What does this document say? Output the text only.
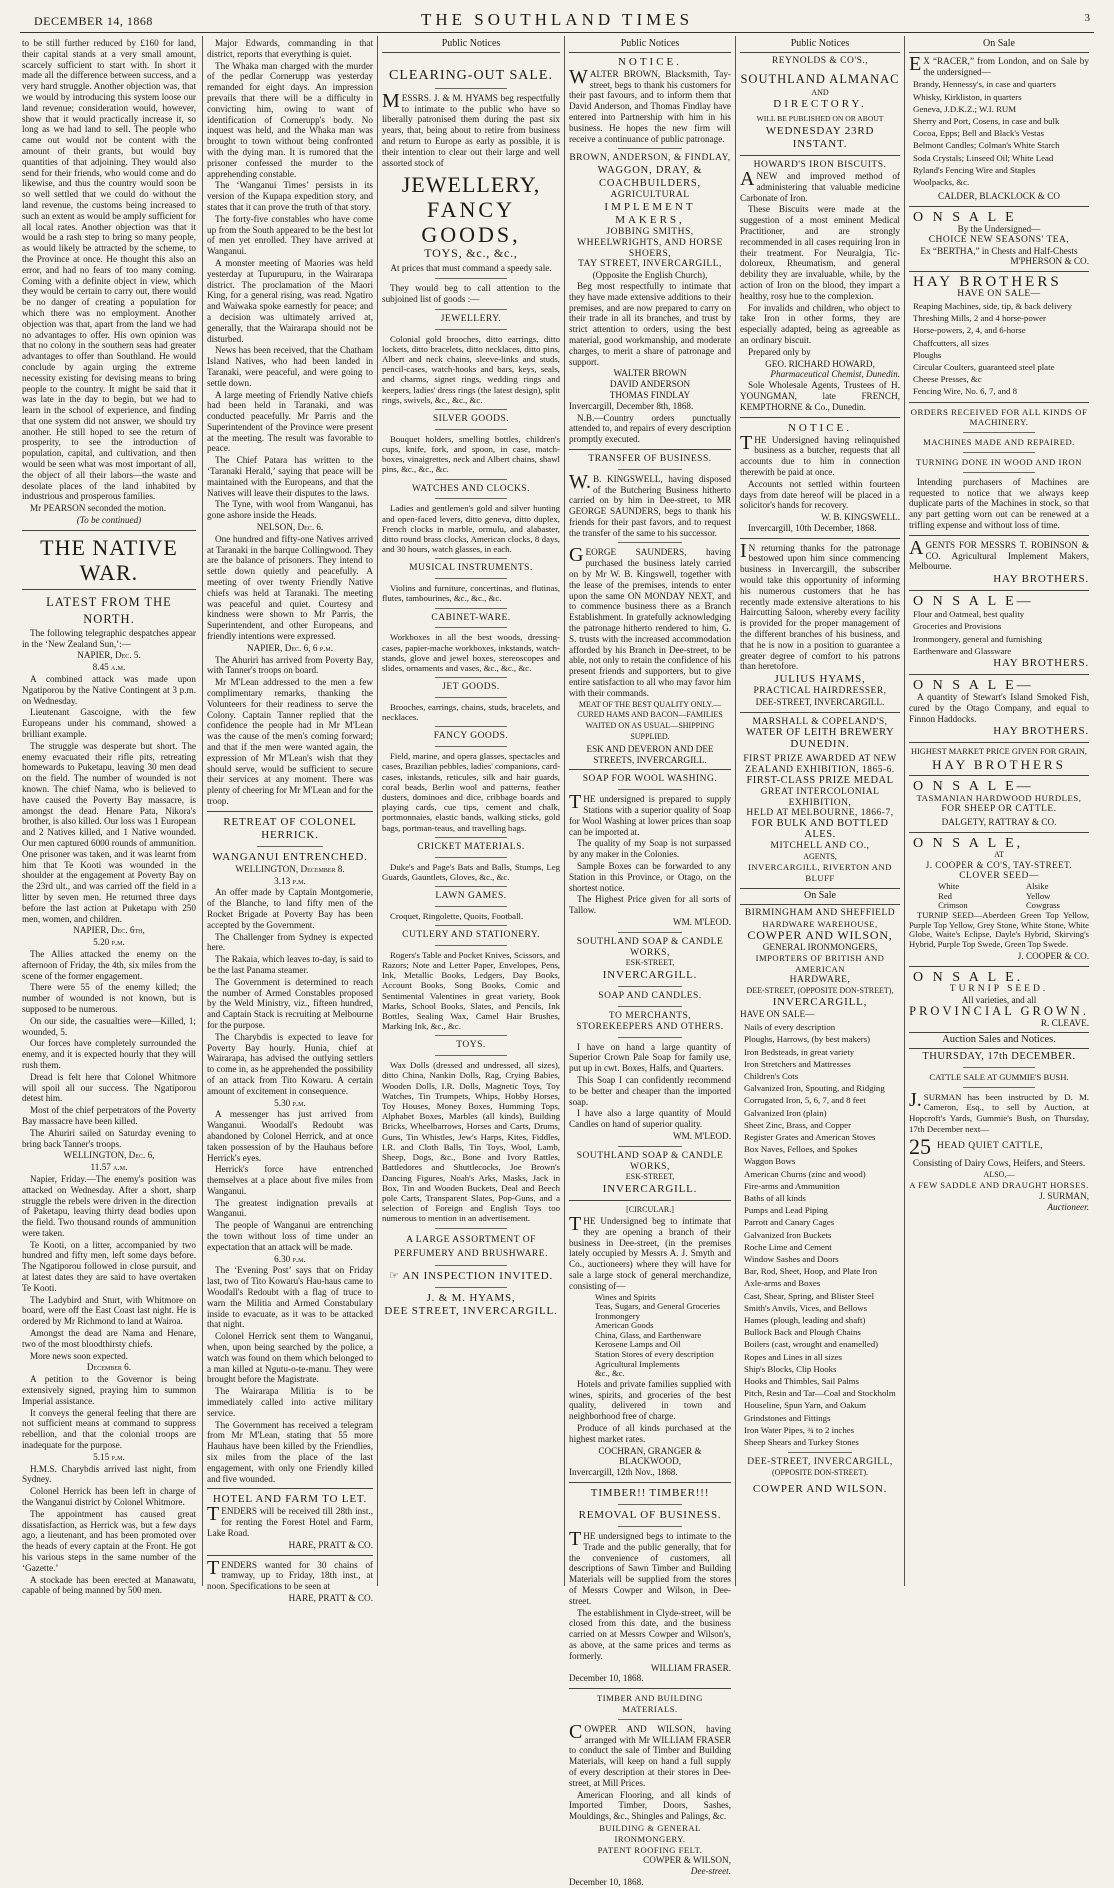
DECEMBER 14, 1868	THE SOUTHLAND TIMES	3

to be still further reduced by £160 for land, their capital stands at a very small amount, scarcely sufficient to start with. In short it made all the difference between success, and a very hard struggle. Another objection was, that we would by introducing this system loose our land revenue; consideration would, however, show that it would practically increase it, so long as we had land to sell. The people who came out would not be content with the amount of their grants, but would buy quantities of that adjoining. They would also send for their friends, who would come and do likewise, and thus the country would soon be so well settled that we could do without the land revenue, the customs being increased to such an extent as would be amply sufficient for all local rates. Another objection was that it would be a rash step to bring so many people, as would likely be attracted by the scheme, to the Province at once. He thought this also an error, and had no fears of too many coming. Coming with a definite object in view, which they would be certain to carry out, there would be no danger of creating a population for which there was no employment. Another objection was that, apart from the land we had no advantages to offer. His own opinion was that no colony in the southern seas had greater advantages to offer than Southland. He would conclude by again urging the extreme necessity existing for devising means to bring people to the country. It might be said that it was late in the day to begin, but we had to learn in the school of experience, and finding that one system did not answer, we should try another. He still hoped to see the return of prosperity, to see the introduction of population, capital, and cultivation, and then would be seen what was most important of all, the object of all their labors—the waste and desolate places of the land inhabited by industrious and prosperous families.

Mr PEARSON seconded the motion.

(To be continued)
THE NATIVE WAR.
LATEST FROM THE NORTH.

The following telegraphic despatches appear in the ‘New Zealand Sun,’:—

NAPIER, Dec. 5.

8.45 a.m.

A combined attack was made upon Ngatiporou by the Native Contingent at 3 p.m. on Wednesday.

Lieutenant Gascoigne, with the few Europeans under his command, showed a brilliant example.

The struggle was desperate but short. The enemy evacuated their rifle pits, retreating homewards to Puketapu, leaving 30 men dead on the field. The number of wounded is not known. The chief Nama, who is believed to have caused the Poverty Bay massacre, is amongst the dead. Henare Pata, Nikora's brother, is also killed. Our loss was 1 European and 2 Natives killed, and 1 Native wounded. Our men captured 6000 rounds of ammunition. One prisoner was taken, and it was learnt from him that Te Kooti was wounded in the shoulder at the engagement at Poverty Bay on the 23rd ult., and was carried off the field in a litter by seven men. He returned three days before the last action at Puketapu with 250 men, women, and children.

NAPIER, Dec. 6th,

5.20 p.m.

The Allies attacked the enemy on the afternoon of Friday, the 4th, six miles from the scene of the former engagement.

There were 55 of the enemy killed; the number of wounded is not known, but is supposed to be numerous.

On our side, the casualties were—Killed, 1; wounded, 5.

Our forces have completely surrounded the enemy, and it is expected hourly that they will rush them.

Dread is felt here that Colonel Whitmore will spoil all our success. The Ngatiporou detest him.

Most of the chief perpetrators of the Poverty Bay massacre have been killed.

The Ahuriri sailed on Saturday evening to bring back Tanner's troops.

WELLINGTON, Dec. 6,

11.57 a.m.

Napier, Friday.—The enemy's position was attacked on Wednesday. After a short, sharp struggle the rebels were driven in the direction of Paketapu, leaving thirty dead bodies upon the field. Two thousand rounds of ammunition were taken.

Te Kooti, on a litter, accompanied by two hundred and fifty men, left some days before. The Ngatiporou followed in close pursuit, and at latest dates they are said to have overtaken Te Kooti.

The Ladybird and Sturt, with Whitmore on board, were off the East Coast last night. He is ordered by Mr Richmond to land at Wairoa.

Amongst the dead are Nama and Henare, two of the most bloodthirsty chiefs.

More news soon expected.

December 6.

A petition to the Governor is being extensively signed, praying him to summon Imperial assistance.

It conveys the general feeling that there are not sufficient means at command to suppress rebellion, and that the colonial troops are inadequate for the purpose.

5.15 p.m.

H.M.S. Charybdis arrived last night, from Sydney.

Colonel Herrick has been left in charge of the Wanganui district by Colonel Whitmore.

The appointment has caused great dissatisfaction, as Herrick was, but a few days ago, a lieutenant, and has been promoted over the heads of every captain at the Front. He got his various steps in the same number of the ‘Gazette.’

A stockade has been erected at Manawatu, capable of being manned by 500 men.

Major Edwards, commanding in that district, reports that everything is quiet.

The Whaka man charged with the murder of the pedlar Cornerupp was yesterday remanded for eight days. An impression prevails that there will be a difficulty in convicting him, owing to want of identification of Cornerupp's body. No inquest was held, and the Whaka man was brought to town without being confronted with the dying man. It is rumored that the prisoner confessed the murder to the apprehending constable.

The ‘Wanganui Times’ persists in its version of the Kupapa expedition story, and states that it can prove the truth of that story.

The forty-five constables who have come up from the South appeared to be the best lot of men yet enrolled. They have arrived at Wanganui.

A monster meeting of Maories was held yesterday at Tupurupuru, in the Wairarapa district. The proclamation of the Maori King, for a general rising, was read. Ngatiro and Waiwaka spoke earnestly for peace; and a decision was ultimately arrived at, generally, that the Wairarapa should not be disturbed.

News has been received, that the Chatham Island Natives, who had been landed in Taranaki, were peaceful, and were going to settle down.

A large meeting of Friendly Native chiefs had been held in Taranaki, and was conducted peacefully. Mr Parris and the Superintendent of the Province were present at the meeting. The result was favorable to peace.

The Chief Patara has written to the ‘Taranaki Herald,’ saying that peace will be maintained with the Europeans, and that the Natives will leave their disputes to the laws.

The Tyne, with wool from Wanganui, has gone ashore inside the Heads.

NELSON, Dec. 6.

One hundred and fifty-one Natives arrived at Taranaki in the barque Collingwood. They are the balance of prisoners. They intend to settle down quietly and peacefully. A meeting of over twenty Friendly Native chiefs was held at Taranaki. The meeting was peaceful and quiet. Courtesy and kindness were shown to Mr Parris, the Superintendent, and other Europeans, and friendly intentions were expressed.

NAPIER, Dec. 6, 6 p.m.

The Ahuriri has arrived from Poverty Bay, with Tanner's troops on board.

Mr M'Lean addressed to the men a few complimentary remarks, thanking the Volunteers for their readiness to serve the Colony. Captain Tanner replied that the confidence the people had in Mr M'Lean was the cause of the men's coming forward; and that if the men were wanted again, the expression of Mr M'Lean's wish that they should serve, would be sufficient to secure their services at any moment. There was plenty of cheering for Mr M'Lean and for the troop.

RETREAT OF COLONEL HERRICK.
WANGANUI ENTRENCHED.

WELLINGTON, December 8.

3.13 p.m.

An offer made by Captain Montgomerie, of the Blanche, to land fifty men of the Rocket Brigade at Poverty Bay has been accepted by the Government.

The Challenger from Sydney is expected here.

The Rakaia, which leaves to-day, is said to be the last Panama steamer.

The Government is determined to reach the number of Armed Constables proposed by the Weld Ministry, viz., fifteen hundred, and Captain Stack is recruiting at Melbourne for the purpose.

The Charybdis is expected to leave for Poverty Bay hourly. Hunia, chief at Wairarapa, has advised the outlying settlers to come in, as he apprehended the possibility of an attack from Tito Kowaru. A certain amount of excitement in consequence.

5.30 p.m.

A messenger has just arrived from Wanganui. Woodall's Redoubt was abandoned by Colonel Herrick, and at once taken possession of by the Hauhaus before Herrick's eyes.

Herrick's force have entrenched themselves at a place about five miles from Wanganui.

The greatest indignation prevails at Wanganui.

The people of Wanganui are entrenching the town without loss of time under an expectation that an attack will be made.

6.30 p.m.

The ‘Evening Post’ says that on Friday last, two of Tito Kowaru's Hau-haus came to Woodall's Redoubt with a flag of truce to warn the Militia and Armed Constabulary inside to evacuate, as it was to be attacked that night.

Colonel Herrick sent them to Wanganui, when, upon being searched by the police, a watch was found on them which belonged to a man killed at Ngutu-o-te-manu. They were brought before the Magistrate.

The Wairarapa Militia is to be immediately called into active military service.

The Government has received a telegram from Mr M'Lean, stating that 55 more Hauhaus have been killed by the Friendlies, six miles from the place of the last engagement, with only one Friendly killed and five wounded.

HOTEL AND FARM TO LET.

TENDERS will be received till 28th inst., for renting the Forest Hotel and Farm, Lake Road.

HARE, PRATT & CO.

TENDERS wanted for 30 chains of tramway, up to Friday, 18th inst., at noon. Specifications to be seen at

HARE, PRATT & CO.
Public Notices
CLEARING-OUT SALE.

MESSRS. J. & M. HYAMS beg respectfully to intimate to the public who have so liberally patronised them during the past six years, that, being about to retire from business and return to Europe as early as possible, it is their intention to clear out their large and well assorted stock of

JEWELLERY,
FANCY GOODS,
TOYS, &c., &c.,

At prices that must command a speedy sale.

They would beg to call attention to the subjoined list of goods :—

JEWELLERY.

Colonial gold brooches, ditto earrings, ditto lockets, ditto bracelets, ditto necklaces, ditto pins, Albert and neck chains, sleeve-links and studs, pencil-cases, watch-hooks and bars, keys, seals, and charms, signet rings, wedding rings and keepers, ladies' dress rings (the latest design), split rings, swivels, &c., &c., &c.

SILVER GOODS.

Bouquet holders, smelling bottles, children's cups, knife, fork, and spoon, in case, match-boxes, vinaigrettes, neck and Albert chains, shawl pins, &c., &c., &c.

WATCHES AND CLOCKS.

Ladies and gentlemen's gold and silver hunting and open-faced levers, ditto geneva, ditto duplex, French clocks in marble, ormulu, and alabaster, ditto round brass clocks, American clocks, 8 days, and 30 hours, watch glasses, in each.

MUSICAL INSTRUMENTS.

Violins and furniture, concertinas, and flutinas, flutes, tambourines, &c., &c., &c.

CABINET-WARE.

Workboxes in all the best woods, dressing-cases, papier-mache workboxes, inkstands, watch-stands, glove and jewel boxes, stereoscopes and slides, ornaments and vases, &c., &c., &c.

JET GOODS.

Brooches, earrings, chains, studs, bracelets, and necklaces.

FANCY GOODS.

Field, marine, and opera glasses, spectacles and cases, Brazilian pebbles, ladies' companions, card-cases, inkstands, reticules, silk and hair guards, coral beads, Berlin wool and patterns, feather dusters, dominoes and dice, cribbage boards and playing cards, cue tips, cement and chalk, portmonnaies, elastic bands, walking sticks, gold bags, portman-teaus, and travelling bags.

CRICKET MATERIALS.

Duke's and Page's Bats and Balls, Stumps, Leg Guards, Gauntlets, Gloves, &c., &c.

LAWN GAMES.

Croquet, Ringolette, Quoits, Football.

CUTLERY AND STATIONERY.

Rogers's Table and Pocket Knives, Scissors, and Razors; Note and Letter Paper, Envelopes, Pens, Ink, Metallic Books, Ledgers, Day Books, Account Books, Song Books, Comic and Sentimental Valentines in great variety, Book Marks, School Books, Slates, and Pencils, Ink Bottles, Sealing Wax, Camel Hair Brushes, Marking Ink, &c., &c.

TOYS.

Wax Dolls (dressed and undressed, all sizes), ditto China, Nankin Dolls, Rag, Crying Babies, Wooden Dolls, I.R. Dolls, Magnetic Toys, Toy Watches, Tin Trumpets, Whips, Hobby Horses, Toy Houses, Money Boxes, Humming Tops, Alphabet Boxes, Marbles (all kinds), Building Bricks, Wheelbarrows, Horses and Carts, Drums, Guns, Tin Whistles, Jew's Harps, Kites, Fiddles, I.R. and Cloth Balls, Tin Toys, Wool, Lamb, Sheep, Dogs, &c., Bone and Ivory Rattles, Battledores and Shuttlecocks, Joe Brown's Dancing Figures, Noah's Arks, Masks, Jack in Box, Tin and Wooden Buckets, Deal and Beech pole Carts, Transparent Slates, Pop-Guns, and a selection of Foreign and English Toys too numerous to mention in an advertisement.

A LARGE ASSORTMENT OF PERFUMERY AND BRUSHWARE.
☞ AN INSPECTION INVITED.
J. & M. HYAMS,
DEE STREET, INVERCARGILL.
Public Notices
NOTICE.

WALTER BROWN, Blacksmith, Tay-street, begs to thank his customers for their past favours, and to inform them that David Anderson, and Thomas Findlay have entered into Partnership with him in his business. He hopes the new firm will receive a continuance of public patronage.

BROWN, ANDERSON, & FINDLAY,
WAGGON, DRAY, & COACHBUILDERS,
AGRICULTURAL
IMPLEMENT MAKERS,
JOBBING SMITHS,
WHEELWRIGHTS, AND HORSE SHOERS,
TAY STREET, INVERCARGILL,
(Opposite the English Church),

Beg most respectfully to intimate that they have made extensive additions to their premises, and are now prepared to carry on their trade in all its branches, and trust by strict attention to orders, using the best material, good workmanship, and moderate charges, to merit a share of patronage and support.

WALTER BROWN
DAVID ANDERSON
THOMAS FINDLAY

Invercargill, December 8th, 1868.

N.B.—Country orders punctually attended to, and repairs of every description promptly executed.

TRANSFER OF BUSINESS.

W.B. KINGSWELL, having disposed of the Butchering Business hitherto carried on by him in Dee-street, to MR GEORGE SAUNDERS, begs to thank his friends for their past favors, and to request the transfer of the same to his successor.

GEORGE SAUNDERS, having purchased the business lately carried on by Mr W. B. Kingswell, together with the lease of the premises, intends to enter upon the same ON MONDAY NEXT, and to commence business there as a Branch Establishment. In gratefully acknowledging the patronage hitherto rendered to him, G. S. trusts with the increased accommodation afforded by his Branch in Dee-street, to be able, not only to retain the confidence of his present friends and supporters, but to give entire satisfaction to all who may favor him with their commands.

MEAT OF THE BEST QUALITY ONLY.—CURED HAMS AND BACON—FAMILIES WAITED ON AS USUAL—SHIPPING SUPPLIED.

ESK AND DEVERON AND DEE STREETS, INVERCARGILL.
SOAP FOR WOOL WASHING.

THE undersigned is prepared to supply Stations with a superior quality of Soap for Wool Washing at lower prices than soap can be imported at.

The quality of my Soap is not surpassed by any maker in the Colonies.

Sample Boxes can be forwarded to any Station in this Province, or Otago, on the shortest notice.

The Highest Price given for all sorts of Tallow.

WM. M'LEOD.
SOUTHLAND SOAP & CANDLE WORKS,
ESK-STREET,
INVERCARGILL.
SOAP AND CANDLES.
TO MERCHANTS, STOREKEEPERS AND OTHERS.

I have on hand a large quantity of Superior Crown Pale Soap for family use, put up in cwt. Boxes, Halfs, and Quarters.

This Soap I can confidently recommend to be better and cheaper than the imported soap.

I have also a large quantity of Mould Candles on hand of superior quality.

WM. M'LEOD.
SOUTHLAND SOAP & CANDLE WORKS,
ESK-STREET,
INVERCARGILL.
[CIRCULAR.]

THE Undersigned beg to intimate that they are opening a branch of their business in Dee-street, (in the premises lately occupied by Messrs A. J. Smyth and Co., auctioneers) where they will have for sale a large stock of general merchandize, consisting of—

Wines and Spirits
Teas, Sugars, and General Groceries
Ironmongery
American Goods
China, Glass, and Earthenware
Kerosene Lamps and Oil
Station Stores of every description
Agricultural Implements
&c., &c.

Hotels and private families supplied with wines, spirits, and groceries of the best quality, delivered in town and neighborhood free of charge.

Produce of all kinds purchased at the highest market rates.

COCHRAN, GRANGER & BLACKWOOD,

Invercargill, 12th Nov., 1868.

TIMBER!! TIMBER!!!
REMOVAL OF BUSINESS.

THE undersigned begs to intimate to the Trade and the public generally, that for the convenience of customers, all descriptions of Sawn Timber and Building Materials will be supplied from the stores of Messrs Cowper and Wilson, in Dee-street.

The establishment in Clyde-street, will be closed from this date, and the business carried on at Messrs Cowper and Wilson's, as above, at the same prices and terms as formerly.

WILLIAM FRASER.

December 10, 1868.

TIMBER AND BUILDING MATERIALS.

COWPER AND WILSON, having arranged with Mr WILLIAM FRASER to conduct the sale of Timber and Building Materials, will keep on hand a full supply of every description at their stores in Dee-street, at Mill Prices.

American Flooring, and all kinds of Imported Timber, Doors, Sashes, Mouldings, &c., Shingles and Palings, &c.

BUILDING & GENERAL IRONMONGERY.
PATENT ROOFING FELT.
COWPER & WILSON,
Dee-street.

December 10, 1868.

Public Notices
REYNOLDS & CO'S.,
SOUTHLAND ALMANAC
AND
DIRECTORY.
WILL BE PUBLISHED ON OR ABOUT
WEDNESDAY 23RD INSTANT.
HOWARD'S IRON BISCUITS.

ANEW and improved method of administering that valuable medicine Carbonate of Iron.

These Biscuits were made at the suggestion of a most eminent Medical Practitioner, and are strongly recommended in all cases requiring Iron in their treatment. For Neuralgia, Tic-doloreux, Rheumatism, and general debility they are invaluable, while, by the action of Iron on the blood, they impart a healthy, rosy hue to the complexion.

For invalids and children, who object to take Iron in other forms, they are especially adapted, being as agreeable as an ordinary biscuit.

Prepared only by

GEO. RICHARD HOWARD,
Pharmaceutical Chemist, Dunedin.

Sole Wholesale Agents, Trustees of H. YOUNGMAN, late FRENCH, KEMPTHORNE & Co., Dunedin.

NOTICE.

THE Undersigned having relinquished business as a butcher, requests that all accounts due to him in connection therewith be paid at once.

Accounts not settled within fourteen days from date hereof will be placed in a solicitor's hands for recovery.

W. B. KINGSWELL.

Invercargill, 10th December, 1868.

IN returning thanks for the patronage bestowed upon him since commencing business in Invercargill, the subscriber would take this opportunity of informing his numerous customers that he has recently made extensive alterations to his Haircutting Saloon, whereby every facility is provided for the proper management of the different branches of his business, and that he is now in a position to guarantee a greater degree of comfort to his patrons than heretofore.

JULIUS HYAMS,
PRACTICAL HAIRDRESSER,
DEE-STREET, INVERCARGILL.
MARSHALL & COPELAND'S,
WATER OF LEITH BREWERY
DUNEDIN.
FIRST PRIZE AWARDED AT NEW
ZEALAND EXHIBITION, 1865-6.
FIRST-CLASS PRIZE MEDAL
GREAT INTERCOLONIAL EXHIBITION,
HELD AT MELBOURNE, 1866-7,
FOR BULK AND BOTTLED ALES.
MITCHELL AND CO.,
AGENTS,
INVERCARGILL, RIVERTON AND BLUFF
On Sale
BIRMINGHAM AND SHEFFIELD
HARDWARE WAREHOUSE,
COWPER AND WILSON,
GENERAL IRONMONGERS,
IMPORTERS OF BRITISH AND AMERICAN
HARDWARE,
DEE-STREET, (OPPOSITE DON-STREET),
INVERCARGILL,

HAVE ON SALE—

Nails of every description
Ploughs, Harrows, (by best makers)
Iron Bedsteads, in great variety
Iron Stretchers and Mattresses
Children's Cots
Galvanized Iron, Spouting, and Ridging
Corrugated Iron, 5, 6, 7, and 8 feet
Galvanized Iron (plain)
Sheet Zinc, Brass, and Copper
Register Grates and American Stoves
Box Naves, Felloes, and Spokes
Waggon Bows
American Churns (zinc and wood)
Fire-arms and Ammunition
Baths of all kinds
Pumps and Lead Piping
Parrott and Canary Cages
Galvanized Iron Buckets
Roche Lime and Cement
Window Sashes and Doors
Bar, Rod, Sheet, Hoop, and Plate Iron
Axle-arms and Boxes
Cast, Shear, Spring, and Blister Steel
Smith's Anvils, Vices, and Bellows
Hames (plough, leading and shaft)
Bullock Back and Plough Chains
Boilers (cast, wrought and enamelled)
Ropes and Lines in all sizes
Ship's Blocks, Clip Hooks
Hooks and Thimbles, Sail Palms
Pitch, Resin and Tar—Coal and Stockholm
Houseline, Spun Yarn, and Oakum
Grindstones and Fittings
Iron Water Pipes, ¾ to 2 inches
Sheep Shears and Turkey Stones
DEE-STREET, INVERCARGILL,
(OPPOSITE DON-STREET).
COWPER AND WILSON.
On Sale

EX “RACER,” from London, and on Sale by the undersigned—

Brandy, Hennessy's, in case and quarters
Whisky, Kirkliston, in quarters
Geneva, J.D.K.Z.; W.I. RUM
Sherry and Port, Cosens, in case and bulk
Cocoa, Epps; Bell and Black's Vestas
Belmont Candles; Colman's White Starch
Soda Crystals; Linseed Oil; White Lead
Ryland's Fencing Wire and Staples
Woolpacks, &c.
CALDER, BLACKLOCK & CO
O N S A L E
By the Undersigned—
CHOICE NEW SEASONS' TEA,
Ex “BERTHA,” in Chests and Half-Chests
M'PHERSON & CO.
HAY BROTHERS
HAVE ON SALE—
Reaping Machines, side, tip, & back delivery
Threshing Mills, 2 and 4 horse-power
Horse-powers, 2, 4, and 6-horse
Chaffcutters, all sizes
Ploughs
Circular Coulters, guaranteed steel plate
Cheese Presses, &c
Fencing Wire, No. 6, 7, and 8
ORDERS RECEIVED FOR ALL KINDS OF MACHINERY.
MACHINES MADE AND REPAIRED.
TURNING DONE IN WOOD AND IRON

Intending purchasers of Machines are requested to notice that we always keep duplicate parts of the Machines in stock, so that any part getting worn out can be renewed at a trifling expense and without loss of time.

AGENTS FOR MESSRS T. ROBINSON & CO. Agricultural Implement Makers, Melbourne.

HAY BROTHERS.
O N S A L E—
Flour and Oatmeal, best quality
Groceries and Provisions
Ironmongery, general and furnishing
Earthenware and Glassware
HAY BROTHERS.
O N S A L E—

A quantity of Stewart's Island Smoked Fish, cured by the Otago Company, and equal to Finnon Haddocks.

HAY BROTHERS.
HIGHEST MARKET PRICE GIVEN FOR GRAIN,
HAY BROTHERS
O N S A L E—
TASMANIAN HARDWOOD HURDLES,
FOR SHEEP OR CATTLE.
DALGETY, RATTRAY & CO.
O N S A L E,
AT
J. COOPER & CO'S, TAY-STREET.
CLOVER SEED—
White
Red
Crimson
Alsike
Yellow
Cowgrass

TURNIP SEED—Aberdeen Green Top Yellow, Purple Top Yellow, Grey Stone, White Stone, White Globe, Waite's Eclipse, Dayle's Hybrid, Skirving's Hybrid, Purple Top Swede, Green Top Swede.

J. COOPER & CO.
O N S A L E.
TURNIP SEED.
All varieties, and all
PROVINCIAL GROWN.
R. CLEAVE.
Auction Sales and Notices.
THURSDAY, 17th DECEMBER.
CATTLE SALE AT GUMMIE'S BUSH.

J.SURMAN has been instructed by D. M. Cameron, Esq., to sell by Auction, at Hopcroft's Yards, Gummie's Bush, on Thursday, 17th December next—

25 HEAD QUIET CATTLE,

Consisting of Dairy Cows, Heifers, and Steers.

ALSO,—
A FEW SADDLE AND DRAUGHT HORSES.
J. SURMAN,
Auctioneer.
